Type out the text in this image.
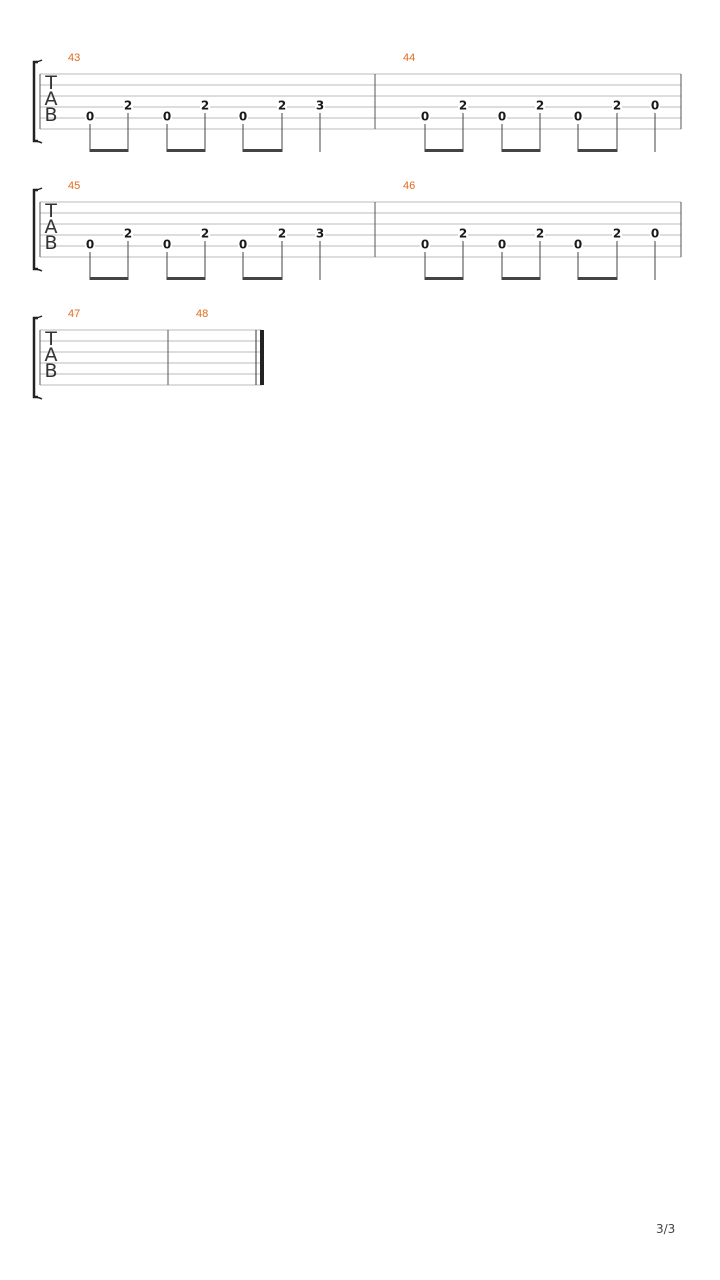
T
A
B
43
0
2
0
2
0
2 3
44
0
2
0
2
0
2 0
T
A
B
45
0
2
0
2
0
2 3
46
0
2
0
2
0
2 0
T
A
B
47	48
3/3
